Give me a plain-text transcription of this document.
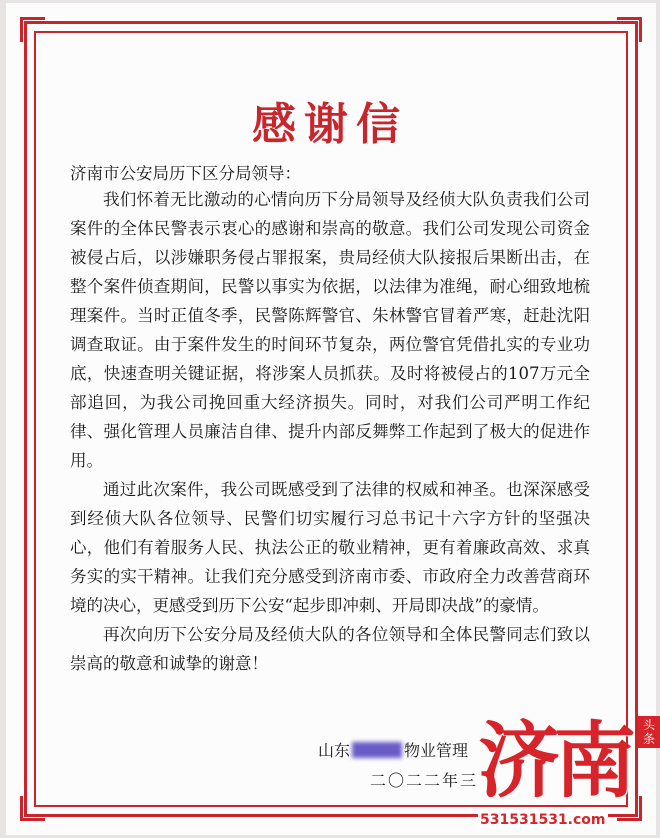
感谢信
济南市公安局历下区分局领导：

我们怀着无比激动的心情向历下分局领导及经侦大队负责我们公司案件的全体民警表示衷心的感谢和崇高的敬意。我们公司发现公司资金被侵占后，以涉嫌职务侵占罪报案，贵局经侦大队接报后果断出击，在整个案件侦查期间，民警以事实为依据，以法律为准绳，耐心细致地梳理案件。当时正值冬季，民警陈辉警官、朱林警官冒着严寒，赶赴沈阳调查取证。由于案件发生的时间环节复杂，两位警官凭借扎实的专业功底，快速查明关键证据，将涉案人员抓获。及时将被侵占的107万元全部追回，为我公司挽回重大经济损失。同时，对我们公司严明工作纪律、强化管理人员廉洁自律、提升内部反舞弊工作起到了极大的促进作用。

通过此次案件，我公司既感受到了法律的权威和神圣。也深深感受到经侦大队各位领导、民警们切实履行习总书记十六字方针的坚强决心，他们有着服务人民、执法公正的敬业精神，更有着廉政高效、求真务实的实干精神。让我们充分感受到济南市委、市政府全力改善营商环境的决心，更感受到历下公安“起步即冲刺、开局即决战”的豪情。

再次向历下公安分局及经侦大队的各位领导和全体民警同志们致以崇高的敬意和诚挚的谢意！

山东	物业管理
二〇二二年三 济南	头条
531531531.com
